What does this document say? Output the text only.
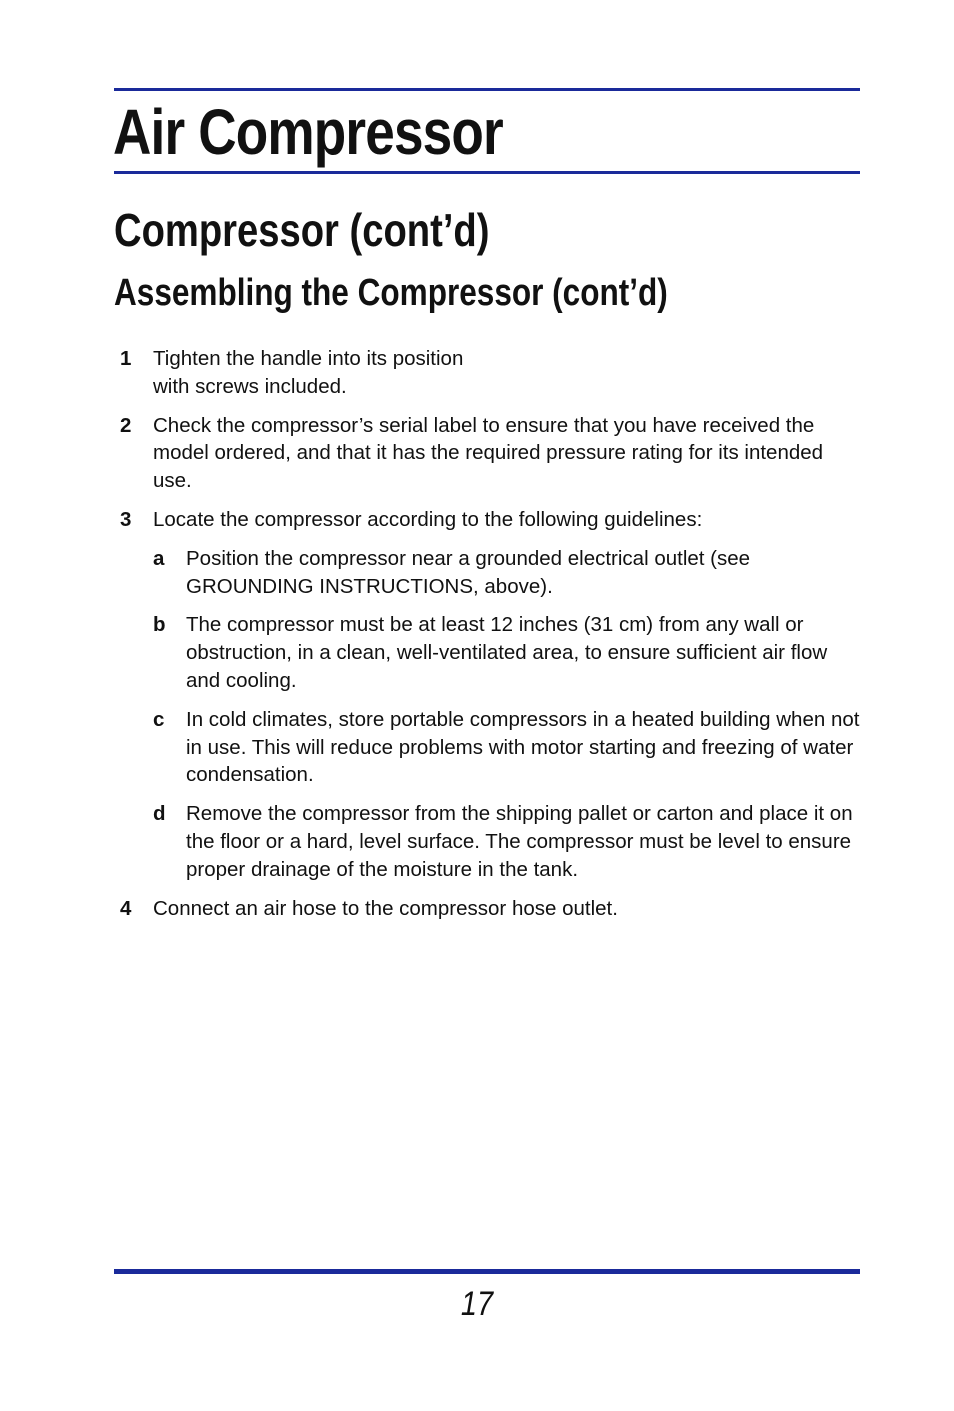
Air Compressor
Compressor (cont’d)
Assembling the Compressor (cont’d)
1	Tighten the handle into its position with screws included.
2	Check the compressor’s serial label to ensure that you have received the model ordered, and that it has the required pressure rating for its intended use.
3	Locate the compressor according to the following guidelines:
a	Position the compressor near a grounded electrical outlet (see GROUNDING INSTRUCTIONS, above).
b The compressor must be at least 12 inches (31 cm) from any wall or obstruction, in a clean, well-ventilated area, to ensure sufficient air flow and cooling.
c	In cold climates, store portable compressors in a heated building when not in use. This will reduce problems with motor starting and freezing of water condensation.
d Remove the compressor from the shipping pallet or carton and place it on the floor or a hard, level surface. The compressor must be level to ensure proper drainage of the moisture in the tank.
4	Connect an air hose to the compressor hose outlet.
17
